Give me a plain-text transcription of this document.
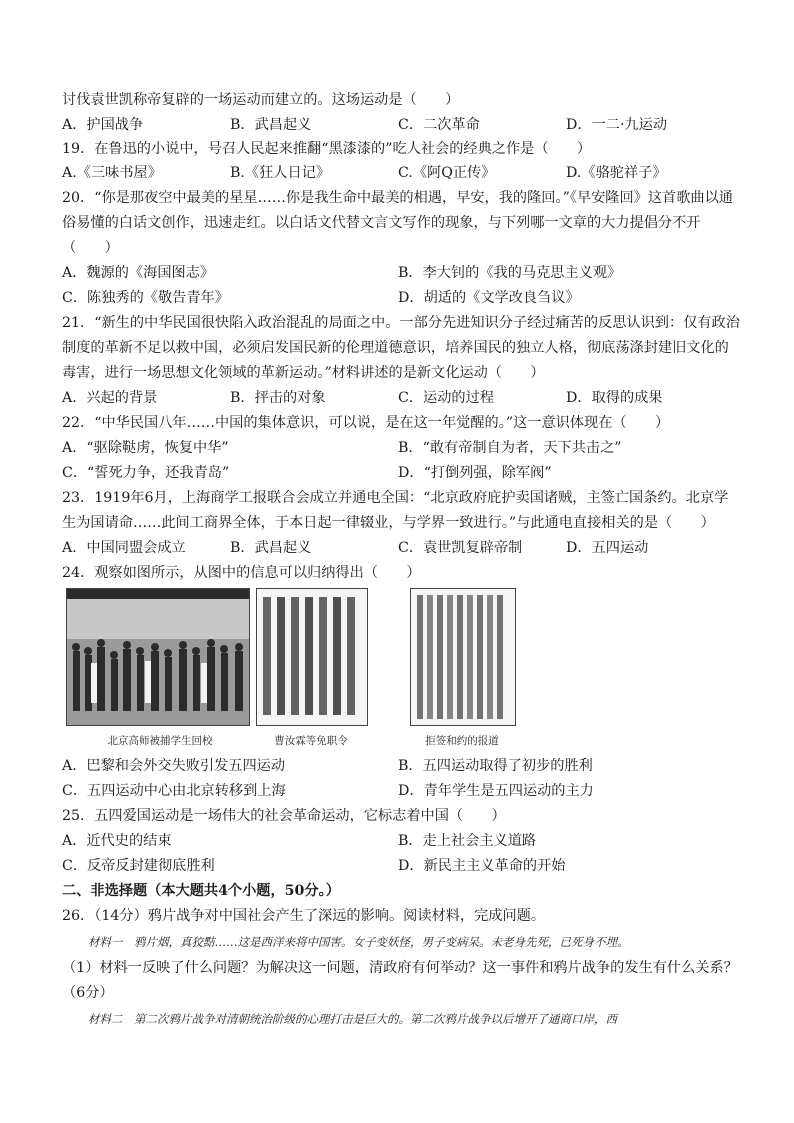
讨伐袁世凯称帝复辟的一场运动而建立的。这场运动是（　　）
A．护国战争	B．武昌起义	C．二次革命	D．一二·九运动
19．在鲁迅的小说中，号召人民起来推翻“黑漆漆的”吃人社会的经典之作是（　　）
A.《三味书屋》	B.《狂人日记》	C.《阿Q正传》	D.《骆驼祥子》
20．“你是那夜空中最美的星星……你是我生命中最美的相遇，早安，我的隆回。”《早安隆回》这首歌曲以通
俗易懂的白话文创作，迅速走红。以白话文代替文言文写作的现象，与下列哪一文章的大力提倡分不开
（　　）
A．魏源的《海国图志》	B．李大钊的《我的马克思主义观》
C．陈独秀的《敬告青年》	D．胡适的《文学改良刍议》
21．“新生的中华民国很快陷入政治混乱的局面之中。一部分先进知识分子经过痛苦的反思认识到：仅有政治
制度的革新不足以救中国，必须启发国民新的伦理道德意识，培养国民的独立人格，彻底荡涤封建旧文化的
毒害，进行一场思想文化领域的革新运动。”材料讲述的是新文化运动（　　）
A．兴起的背景	B．抨击的对象	C．运动的过程	D．取得的成果
22．“中华民国八年……中国的集体意识，可以说，是在这一年觉醒的。”这一意识体现在（　　）
A．“驱除鞑虏，恢复中华”	B．“敢有帝制自为者，天下共击之”
C．“誓死力争，还我青岛”	D．“打倒列强，除军阀”
23．1919年6月，上海商学工报联合会成立并通电全国：“北京政府庇护卖国诸贼，主签亡国条约。北京学
生为国请命……此间工商界全体，于本日起一律辍业，与学界一致进行。”与此通电直接相关的是（　　）
A．中国同盟会成立	B．武昌起义	C．袁世凯复辟帝制	D．五四运动
24．观察如图所示，从图中的信息可以归纳得出（　　）
北京高师被捕学生回校	曹汝霖等免职令	拒签和约的报道
A．巴黎和会外交失败引发五四运动	B．五四运动取得了初步的胜利
C．五四运动中心由北京转移到上海	D．青年学生是五四运动的主力
25．五四爱国运动是一场伟大的社会革命运动，它标志着中国（　　）
A．近代史的结束	B．走上社会主义道路
C．反帝反封建彻底胜利	D．新民主主义革命的开始
二、非选择题（本大题共4个小题，50分。）
26．（14分）鸦片战争对中国社会产生了深远的影响。阅读材料，完成问题。
材料一　鸦片烟，真狡黠……这是西洋来将中国害。女子变妖怪，男子变病呆。未老身先死，已死身不埋。
（1）材料一反映了什么问题？为解决这一问题，清政府有何举动？这一事件和鸦片战争的发生有什么关系？
（6分）
材料二　第二次鸦片战争对清朝统治阶级的心理打击是巨大的。第二次鸦片战争以后增开了通商口岸，西
